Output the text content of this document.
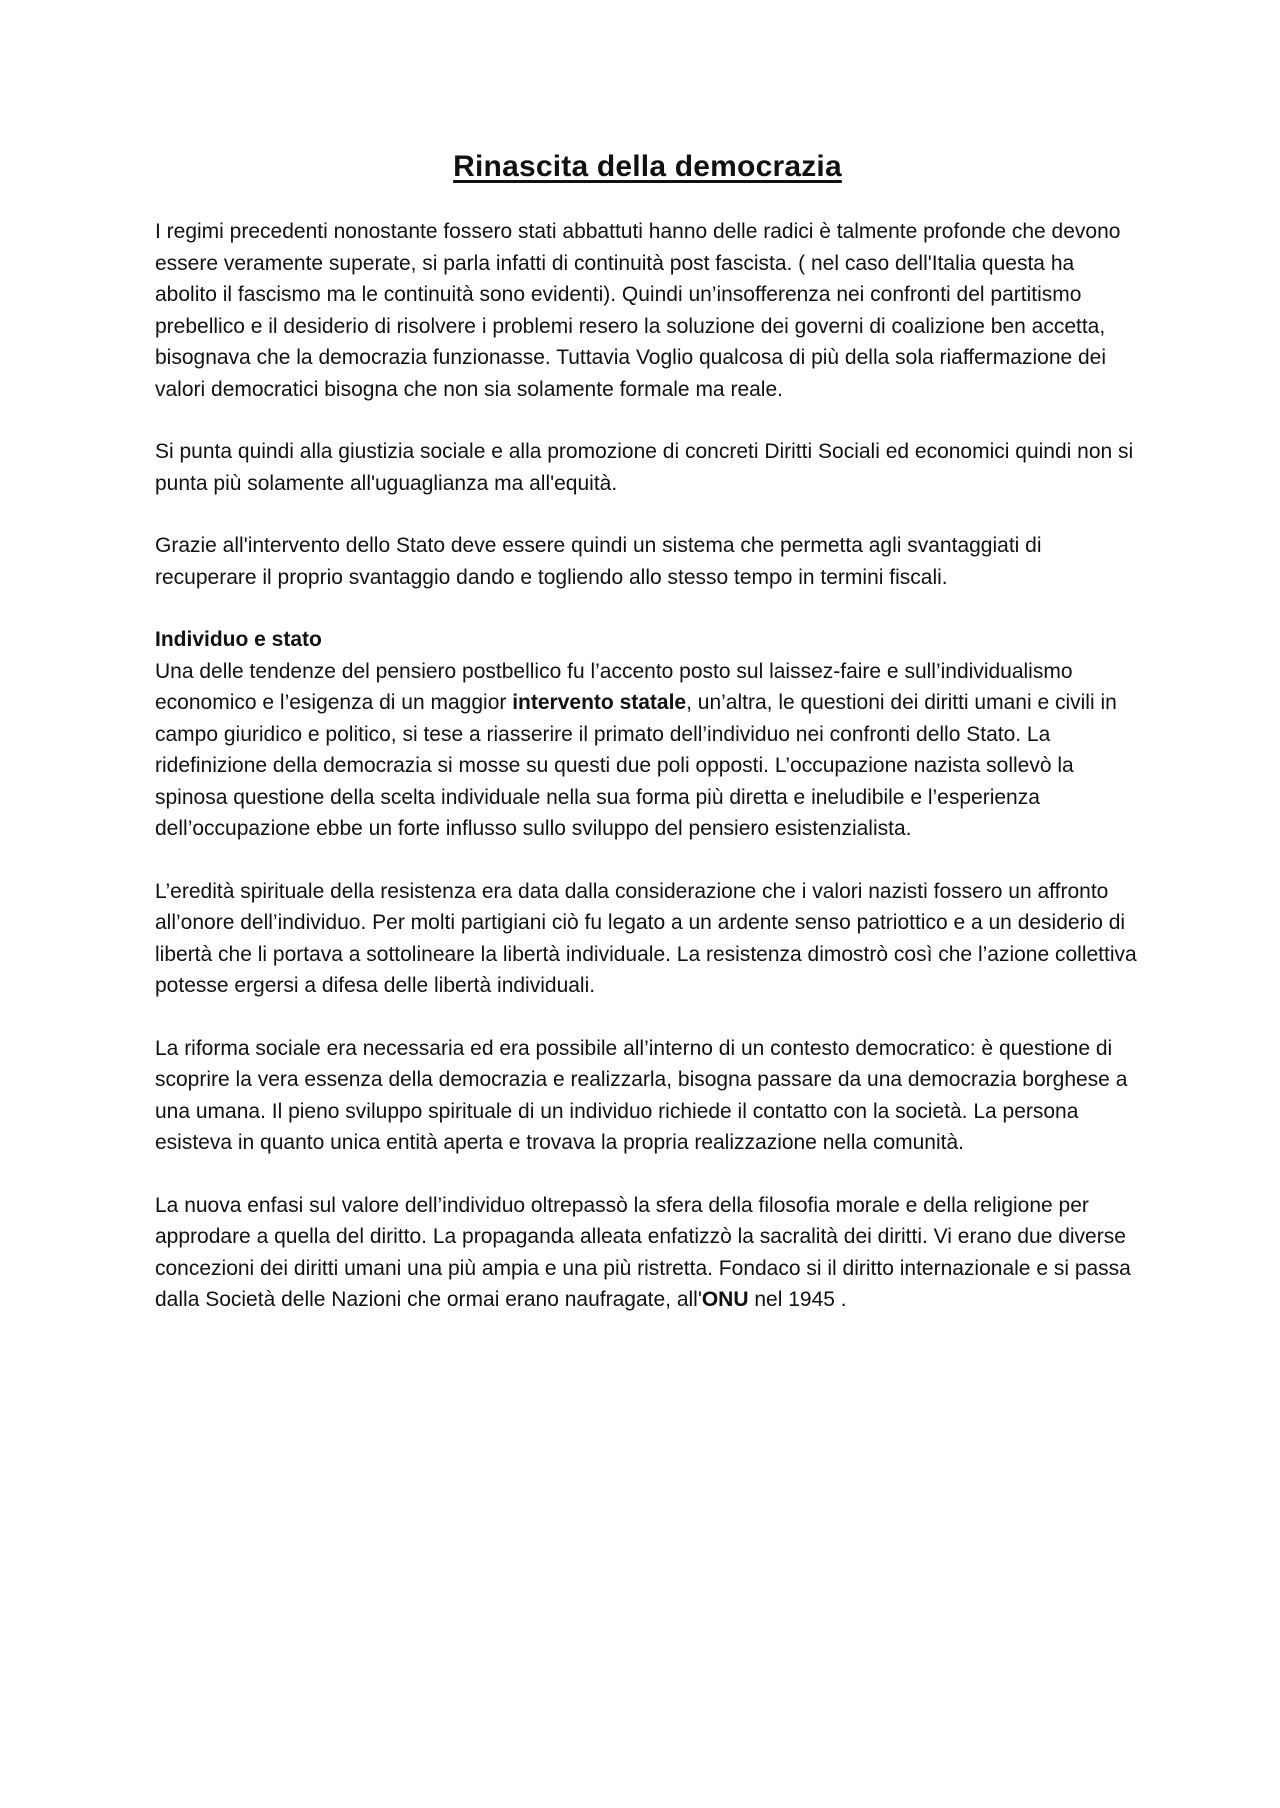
Rinascita della democrazia

I regimi precedenti nonostante fossero stati abbattuti hanno delle radici è talmente profonde che devono essere veramente superate, si parla infatti di continuità post fascista. ( nel caso dell'Italia questa ha abolito il fascismo ma le continuità sono evidenti). Quindi un’insofferenza nei confronti del partitismo prebellico e il desiderio di risolvere i problemi resero la soluzione dei governi di coalizione ben accetta, bisognava che la democrazia funzionasse. Tuttavia Voglio qualcosa di più della sola riaffermazione dei valori democratici bisogna che non sia solamente formale ma reale.

Si punta quindi alla giustizia sociale e alla promozione di concreti Diritti Sociali ed economici quindi non si punta più solamente all'uguaglianza ma all'equità.

Grazie all'intervento dello Stato deve essere quindi un sistema che permetta agli svantaggiati di recuperare il proprio svantaggio dando e togliendo allo stesso tempo in termini fiscali.

Individuo e stato

Una delle tendenze del pensiero postbellico fu l’accento posto sul laissez-faire e sull’individualismo economico e l’esigenza di un maggior intervento statale, un’altra, le questioni dei diritti umani e civili in campo giuridico e politico, si tese a riasserire il primato dell’individuo nei confronti dello Stato. La ridefinizione della democrazia si mosse su questi due poli opposti. L’occupazione nazista sollevò la spinosa questione della scelta individuale nella sua forma più diretta e ineludibile e l’esperienza dell’occupazione ebbe un forte influsso sullo sviluppo del pensiero esistenzialista.

L’eredità spirituale della resistenza era data dalla considerazione che i valori nazisti fossero un affronto all’onore dell’individuo. Per molti partigiani ciò fu legato a un ardente senso patriottico e a un desiderio di libertà che li portava a sottolineare la libertà individuale. La resistenza dimostrò così che l’azione collettiva potesse ergersi a difesa delle libertà individuali.

La riforma sociale era necessaria ed era possibile all’interno di un contesto democratico: è questione di scoprire la vera essenza della democrazia e realizzarla, bisogna passare da una democrazia borghese a una umana. Il pieno sviluppo spirituale di un individuo richiede il contatto con la società. La persona esisteva in quanto unica entità aperta e trovava la propria realizzazione nella comunità.

La nuova enfasi sul valore dell’individuo oltrepassò la sfera della filosofia morale e della religione per approdare a quella del diritto. La propaganda alleata enfatizzò la sacralità dei diritti. Vi erano due diverse concezioni dei diritti umani una più ampia e una più ristretta. Fondaco si il diritto internazionale e si passa dalla Società delle Nazioni che ormai erano naufragate, all'ONU nel 1945 .
